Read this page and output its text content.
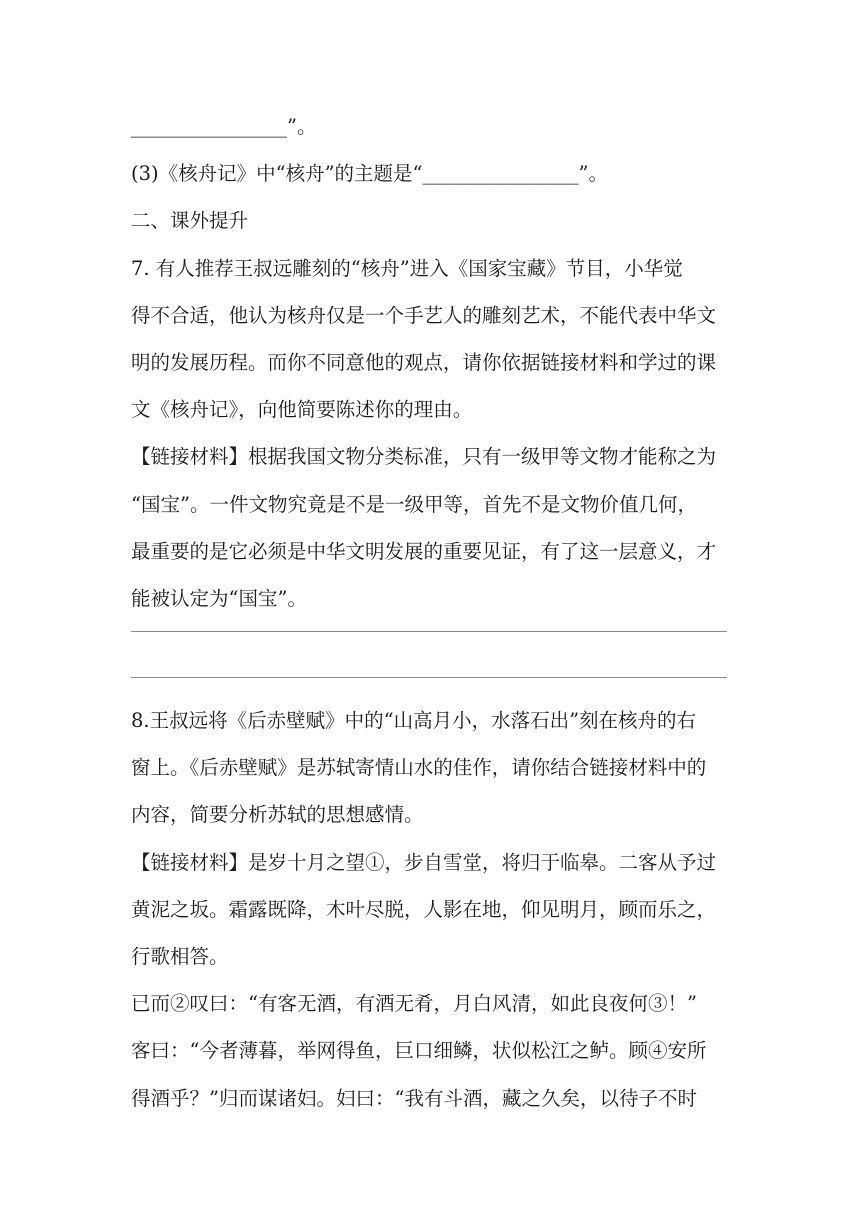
________________”。
(3)《核舟记》中“核舟”的主题是“________________”。
二、课外提升
7. 有人推荐王叔远雕刻的“核舟”进入《国家宝藏》节目，小华觉
得不合适，他认为核舟仅是一个手艺人的雕刻艺术，不能代表中华文
明的发展历程。而你不同意他的观点，请你依据链接材料和学过的课
文《核舟记》，向他简要陈述你的理由。
【链接材料】根据我国文物分类标准，只有一级甲等文物才能称之为
“国宝”。一件文物究竟是不是一级甲等，首先不是文物价值几何，
最重要的是它必须是中华文明发展的重要见证，有了这一层意义，才
能被认定为“国宝”。
8.王叔远将《后赤壁赋》中的“山高月小，水落石出”刻在核舟的右
窗上。《后赤壁赋》是苏轼寄情山水的佳作，请你结合链接材料中的
内容，简要分析苏轼的思想感情。
【链接材料】是岁十月之望①，步自雪堂，将归于临皋。二客从予过
黄泥之坂。霜露既降，木叶尽脱，人影在地，仰见明月，顾而乐之，
行歌相答。
已而②叹曰：“有客无酒，有酒无肴，月白风清，如此良夜何③！”
客曰：“今者薄暮，举网得鱼，巨口细鳞，状似松江之鲈。顾④安所
得酒乎？”归而谋诸妇。妇曰：“我有斗酒，藏之久矣，以待子不时
